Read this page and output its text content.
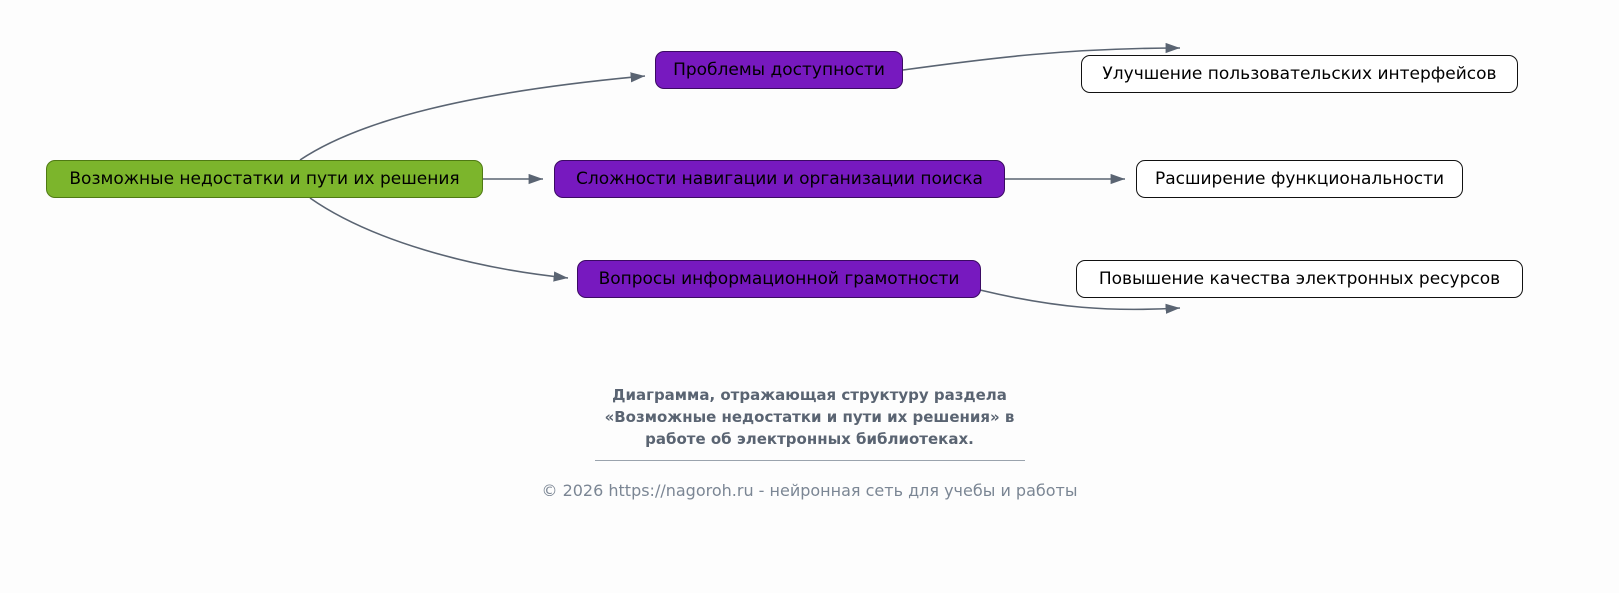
Возможные недостатки и пути их решения
Проблемы доступности
Сложности навигации и организации поиска
Вопросы информационной грамотности
Улучшение пользовательских интерфейсов
Расширение функциональности
Повышение качества электронных ресурсов
Диаграмма, отражающая структуру раздела
«Возможные недостатки и пути их решения» в
работе об электронных библиотеках.
© 2026 https://nagoroh.ru - нейронная сеть для учебы и работы
